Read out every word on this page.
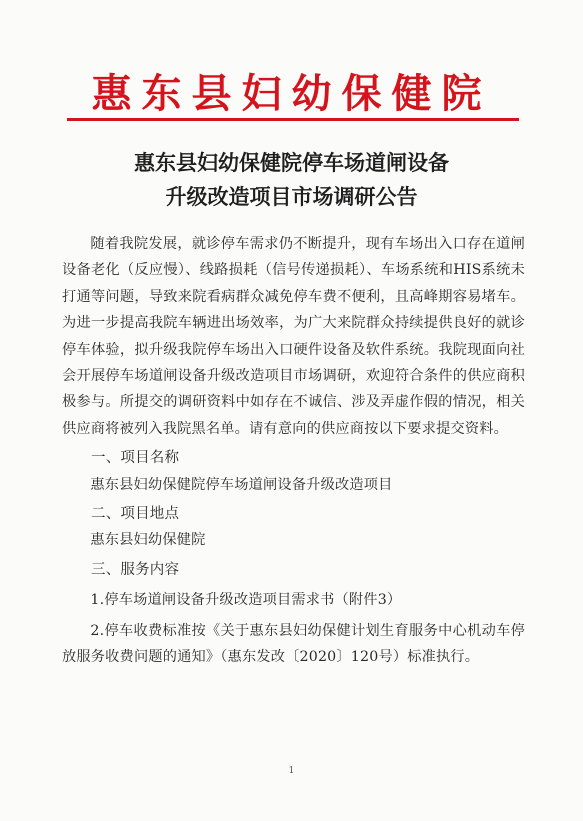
惠东县妇幼保健院
惠东县妇幼保健院停车场道闸设备
升级改造项目市场调研公告

随着我院发展，就诊停车需求仍不断提升，现有车场出入口存在道闸设备老化（反应慢）、线路损耗（信号传递损耗）、车场系统和HIS系统未打通等问题，导致来院看病群众减免停车费不便利，且高峰期容易堵车。为进一步提高我院车辆进出场效率，为广大来院群众持续提供良好的就诊停车体验，拟升级我院停车场出入口硬件设备及软件系统。我院现面向社会开展停车场道闸设备升级改造项目市场调研，欢迎符合条件的供应商积极参与。所提交的调研资料中如存在不诚信、涉及弄虚作假的情况，相关供应商将被列入我院黑名单。请有意向的供应商按以下要求提交资料。

一、项目名称

惠东县妇幼保健院停车场道闸设备升级改造项目

二、项目地点

惠东县妇幼保健院

三、服务内容

1.停车场道闸设备升级改造项目需求书（附件3）

2.停车收费标准按《关于惠东县妇幼保健计划生育服务中心机动车停放服务收费问题的通知》（惠东发改〔2020〕120号）标准执行。

1
